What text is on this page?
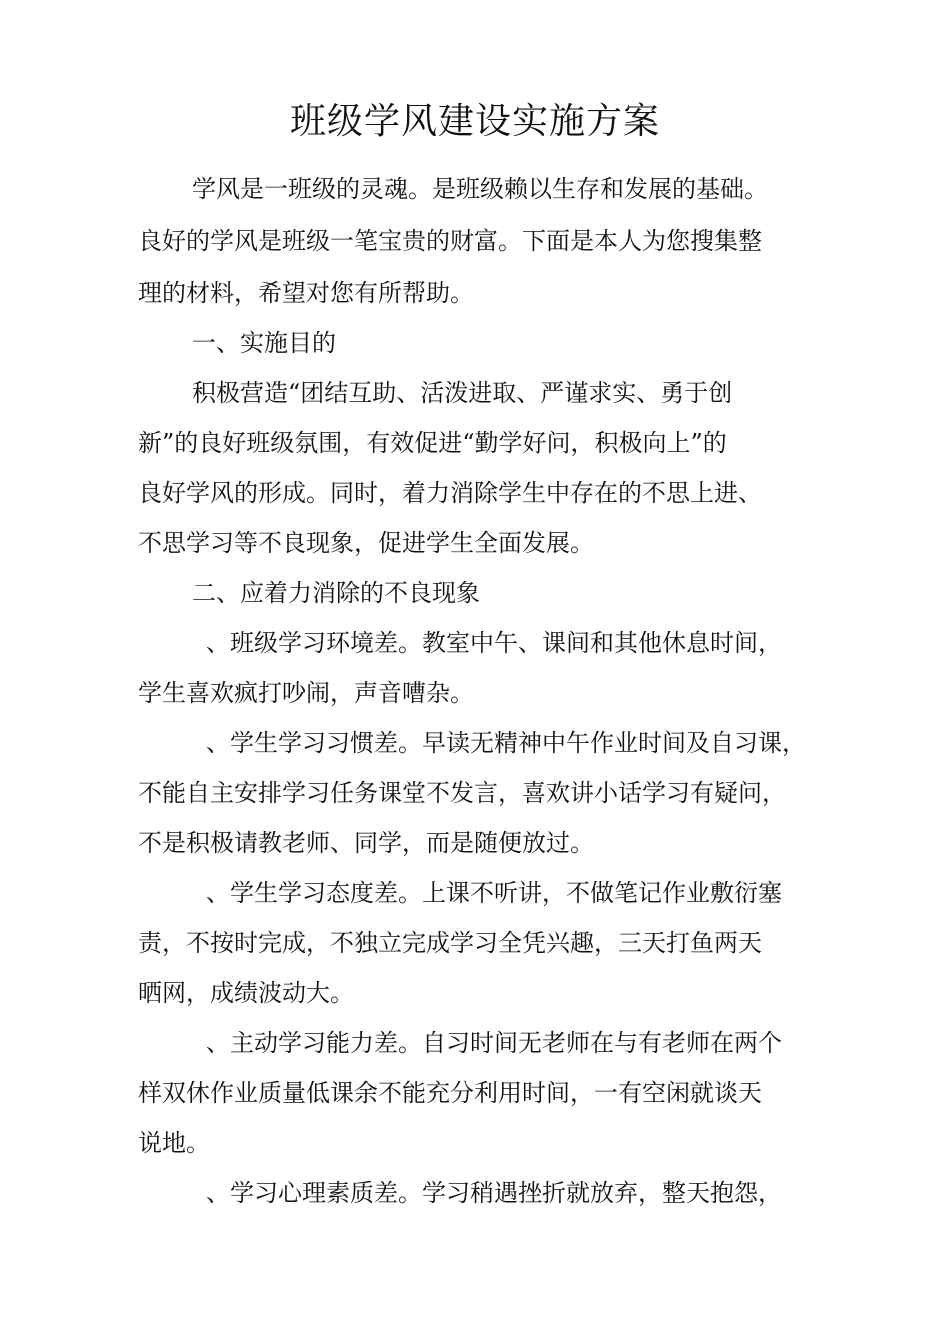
班级学风建设实施方案

学风是一班级的灵魂。是班级赖以生存和发展的基础。

良好的学风是班级一笔宝贵的财富。下面是本人为您搜集整

理的材料，希望对您有所帮助。

一、实施目的

积极营造“团结互助、活泼进取、严谨求实、勇于创

新”的良好班级氛围，有效促进“勤学好问，积极向上”的

良好学风的形成。同时，着力消除学生中存在的不思上进、

不思学习等不良现象，促进学生全面发展。

二、应着力消除的不良现象

、班级学习环境差。教室中午、课间和其他休息时间，

学生喜欢疯打吵闹，声音嘈杂。

、学生学习习惯差。早读无精神中午作业时间及自习课，

不能自主安排学习任务课堂不发言，喜欢讲小话学习有疑问，

不是积极请教老师、同学，而是随便放过。

、学生学习态度差。上课不听讲，不做笔记作业敷衍塞

责，不按时完成，不独立完成学习全凭兴趣，三天打鱼两天

晒网，成绩波动大。

、主动学习能力差。自习时间无老师在与有老师在两个

样双休作业质量低课余不能充分利用时间，一有空闲就谈天

说地。

、学习心理素质差。学习稍遇挫折就放弃，整天抱怨，
